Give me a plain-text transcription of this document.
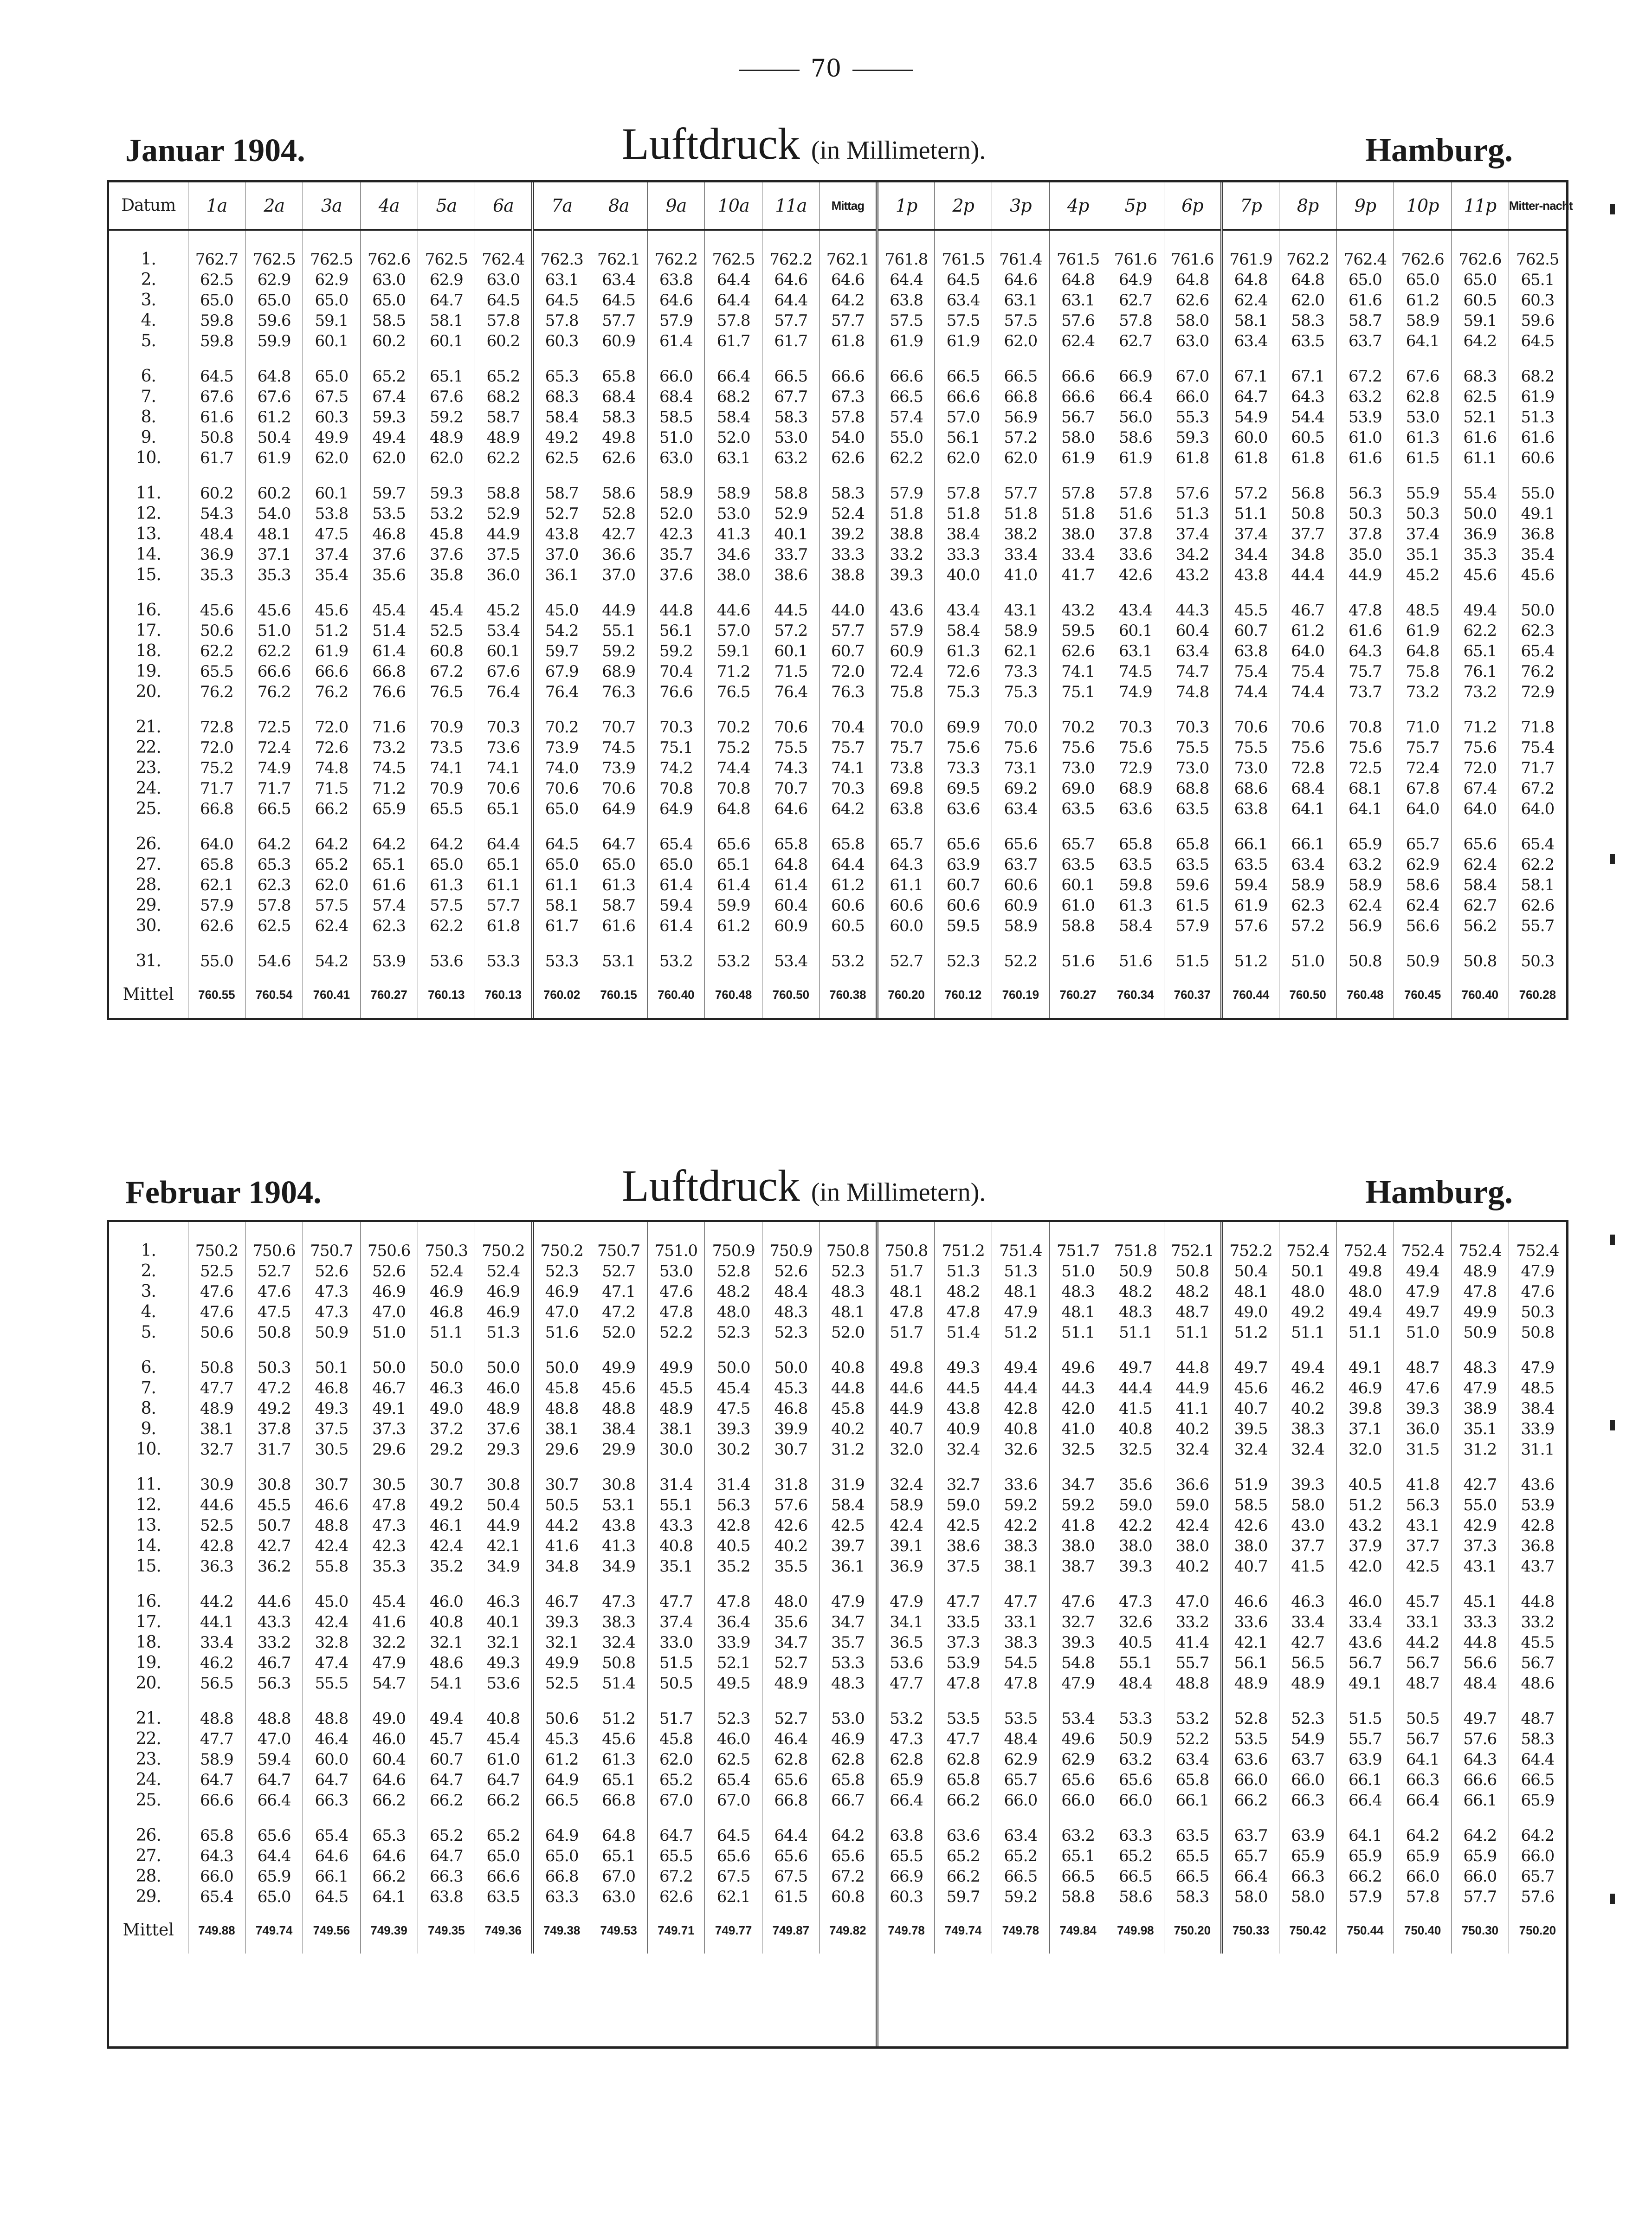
70
Januar 1904.	Luftdruck (in Millimetern).	Hamburg.
Datum	1a	2a	3a	4a	5a	6a	7a	8a	9a	10a	11a	Mittag	1p	2p	3p	4p	5p	6p	7p	8p	9p	10p	11p	Mitter-nacht

1.	762.7	762.5	762.5	762.6	762.5	762.4	762.3	762.1	762.2	762.5	762.2	762.1	761.8	761.5	761.4	761.5	761.6	761.6	761.9	762.2	762.4	762.6	762.6	762.5
2.	62.5	62.9	62.9	63.0	62.9	63.0	63.1	63.4	63.8	64.4	64.6	64.6	64.4	64.5	64.6	64.8	64.9	64.8	64.8	64.8	65.0	65.0	65.0	65.1
3.	65.0	65.0	65.0	65.0	64.7	64.5	64.5	64.5	64.6	64.4	64.4	64.2	63.8	63.4	63.1	63.1	62.7	62.6	62.4	62.0	61.6	61.2	60.5	60.3
4.	59.8	59.6	59.1	58.5	58.1	57.8	57.8	57.7	57.9	57.8	57.7	57.7	57.5	57.5	57.5	57.6	57.8	58.0	58.1	58.3	58.7	58.9	59.1	59.6
5.	59.8	59.9	60.1	60.2	60.1	60.2	60.3	60.9	61.4	61.7	61.7	61.8	61.9	61.9	62.0	62.4	62.7	63.0	63.4	63.5	63.7	64.1	64.2	64.5

6.	64.5	64.8	65.0	65.2	65.1	65.2	65.3	65.8	66.0	66.4	66.5	66.6	66.6	66.5	66.5	66.6	66.9	67.0	67.1	67.1	67.2	67.6	68.3	68.2
7.	67.6	67.6	67.5	67.4	67.6	68.2	68.3	68.4	68.4	68.2	67.7	67.3	66.5	66.6	66.8	66.6	66.4	66.0	64.7	64.3	63.2	62.8	62.5	61.9
8.	61.6	61.2	60.3	59.3	59.2	58.7	58.4	58.3	58.5	58.4	58.3	57.8	57.4	57.0	56.9	56.7	56.0	55.3	54.9	54.4	53.9	53.0	52.1	51.3
9.	50.8	50.4	49.9	49.4	48.9	48.9	49.2	49.8	51.0	52.0	53.0	54.0	55.0	56.1	57.2	58.0	58.6	59.3	60.0	60.5	61.0	61.3	61.6	61.6
10.	61.7	61.9	62.0	62.0	62.0	62.2	62.5	62.6	63.0	63.1	63.2	62.6	62.2	62.0	62.0	61.9	61.9	61.8	61.8	61.8	61.6	61.5	61.1	60.6

11.	60.2	60.2	60.1	59.7	59.3	58.8	58.7	58.6	58.9	58.9	58.8	58.3	57.9	57.8	57.7	57.8	57.8	57.6	57.2	56.8	56.3	55.9	55.4	55.0
12.	54.3	54.0	53.8	53.5	53.2	52.9	52.7	52.8	52.0	53.0	52.9	52.4	51.8	51.8	51.8	51.8	51.6	51.3	51.1	50.8	50.3	50.3	50.0	49.1
13.	48.4	48.1	47.5	46.8	45.8	44.9	43.8	42.7	42.3	41.3	40.1	39.2	38.8	38.4	38.2	38.0	37.8	37.4	37.4	37.7	37.8	37.4	36.9	36.8
14.	36.9	37.1	37.4	37.6	37.6	37.5	37.0	36.6	35.7	34.6	33.7	33.3	33.2	33.3	33.4	33.4	33.6	34.2	34.4	34.8	35.0	35.1	35.3	35.4
15.	35.3	35.3	35.4	35.6	35.8	36.0	36.1	37.0	37.6	38.0	38.6	38.8	39.3	40.0	41.0	41.7	42.6	43.2	43.8	44.4	44.9	45.2	45.6	45.6

16.	45.6	45.6	45.6	45.4	45.4	45.2	45.0	44.9	44.8	44.6	44.5	44.0	43.6	43.4	43.1	43.2	43.4	44.3	45.5	46.7	47.8	48.5	49.4	50.0
17.	50.6	51.0	51.2	51.4	52.5	53.4	54.2	55.1	56.1	57.0	57.2	57.7	57.9	58.4	58.9	59.5	60.1	60.4	60.7	61.2	61.6	61.9	62.2	62.3
18.	62.2	62.2	61.9	61.4	60.8	60.1	59.7	59.2	59.2	59.1	60.1	60.7	60.9	61.3	62.1	62.6	63.1	63.4	63.8	64.0	64.3	64.8	65.1	65.4
19.	65.5	66.6	66.6	66.8	67.2	67.6	67.9	68.9	70.4	71.2	71.5	72.0	72.4	72.6	73.3	74.1	74.5	74.7	75.4	75.4	75.7	75.8	76.1	76.2
20.	76.2	76.2	76.2	76.6	76.5	76.4	76.4	76.3	76.6	76.5	76.4	76.3	75.8	75.3	75.3	75.1	74.9	74.8	74.4	74.4	73.7	73.2	73.2	72.9

21.	72.8	72.5	72.0	71.6	70.9	70.3	70.2	70.7	70.3	70.2	70.6	70.4	70.0	69.9	70.0	70.2	70.3	70.3	70.6	70.6	70.8	71.0	71.2	71.8
22.	72.0	72.4	72.6	73.2	73.5	73.6	73.9	74.5	75.1	75.2	75.5	75.7	75.7	75.6	75.6	75.6	75.6	75.5	75.5	75.6	75.6	75.7	75.6	75.4
23.	75.2	74.9	74.8	74.5	74.1	74.1	74.0	73.9	74.2	74.4	74.3	74.1	73.8	73.3	73.1	73.0	72.9	73.0	73.0	72.8	72.5	72.4	72.0	71.7
24.	71.7	71.7	71.5	71.2	70.9	70.6	70.6	70.6	70.8	70.8	70.7	70.3	69.8	69.5	69.2	69.0	68.9	68.8	68.6	68.4	68.1	67.8	67.4	67.2
25.	66.8	66.5	66.2	65.9	65.5	65.1	65.0	64.9	64.9	64.8	64.6	64.2	63.8	63.6	63.4	63.5	63.6	63.5	63.8	64.1	64.1	64.0	64.0	64.0

26.	64.0	64.2	64.2	64.2	64.2	64.4	64.5	64.7	65.4	65.6	65.8	65.8	65.7	65.6	65.6	65.7	65.8	65.8	66.1	66.1	65.9	65.7	65.6	65.4
27.	65.8	65.3	65.2	65.1	65.0	65.1	65.0	65.0	65.0	65.1	64.8	64.4	64.3	63.9	63.7	63.5	63.5	63.5	63.5	63.4	63.2	62.9	62.4	62.2
28.	62.1	62.3	62.0	61.6	61.3	61.1	61.1	61.3	61.4	61.4	61.4	61.2	61.1	60.7	60.6	60.1	59.8	59.6	59.4	58.9	58.9	58.6	58.4	58.1
29.	57.9	57.8	57.5	57.4	57.5	57.7	58.1	58.7	59.4	59.9	60.4	60.6	60.6	60.6	60.9	61.0	61.3	61.5	61.9	62.3	62.4	62.4	62.7	62.6
30.	62.6	62.5	62.4	62.3	62.2	61.8	61.7	61.6	61.4	61.2	60.9	60.5	60.0	59.5	58.9	58.8	58.4	57.9	57.6	57.2	56.9	56.6	56.2	55.7

31.	55.0	54.6	54.2	53.9	53.6	53.3	53.3	53.1	53.2	53.2	53.4	53.2	52.7	52.3	52.2	51.6	51.6	51.5	51.2	51.0	50.8	50.9	50.8	50.3
Mittel	760.55	760.54	760.41	760.27	760.13	760.13	760.02	760.15	760.40	760.48	760.50	760.38	760.20	760.12	760.19	760.27	760.34	760.37	760.44	760.50	760.48	760.45	760.40	760.28
Februar 1904.	Luftdruck (in Millimetern).	Hamburg.

1.	750.2	750.6	750.7	750.6	750.3	750.2	750.2	750.7	751.0	750.9	750.9	750.8	750.8	751.2	751.4	751.7	751.8	752.1	752.2	752.4	752.4	752.4	752.4	752.4
2.	52.5	52.7	52.6	52.6	52.4	52.4	52.3	52.7	53.0	52.8	52.6	52.3	51.7	51.3	51.3	51.0	50.9	50.8	50.4	50.1	49.8	49.4	48.9	47.9
3.	47.6	47.6	47.3	46.9	46.9	46.9	46.9	47.1	47.6	48.2	48.4	48.3	48.1	48.2	48.1	48.3	48.2	48.2	48.1	48.0	48.0	47.9	47.8	47.6
4.	47.6	47.5	47.3	47.0	46.8	46.9	47.0	47.2	47.8	48.0	48.3	48.1	47.8	47.8	47.9	48.1	48.3	48.7	49.0	49.2	49.4	49.7	49.9	50.3
5.	50.6	50.8	50.9	51.0	51.1	51.3	51.6	52.0	52.2	52.3	52.3	52.0	51.7	51.4	51.2	51.1	51.1	51.1	51.2	51.1	51.1	51.0	50.9	50.8

6.	50.8	50.3	50.1	50.0	50.0	50.0	50.0	49.9	49.9	50.0	50.0	40.8	49.8	49.3	49.4	49.6	49.7	44.8	49.7	49.4	49.1	48.7	48.3	47.9
7.	47.7	47.2	46.8	46.7	46.3	46.0	45.8	45.6	45.5	45.4	45.3	44.8	44.6	44.5	44.4	44.3	44.4	44.9	45.6	46.2	46.9	47.6	47.9	48.5
8.	48.9	49.2	49.3	49.1	49.0	48.9	48.8	48.8	48.9	47.5	46.8	45.8	44.9	43.8	42.8	42.0	41.5	41.1	40.7	40.2	39.8	39.3	38.9	38.4
9.	38.1	37.8	37.5	37.3	37.2	37.6	38.1	38.4	38.1	39.3	39.9	40.2	40.7	40.9	40.8	41.0	40.8	40.2	39.5	38.3	37.1	36.0	35.1	33.9
10.	32.7	31.7	30.5	29.6	29.2	29.3	29.6	29.9	30.0	30.2	30.7	31.2	32.0	32.4	32.6	32.5	32.5	32.4	32.4	32.4	32.0	31.5	31.2	31.1

11.	30.9	30.8	30.7	30.5	30.7	30.8	30.7	30.8	31.4	31.4	31.8	31.9	32.4	32.7	33.6	34.7	35.6	36.6	51.9	39.3	40.5	41.8	42.7	43.6
12.	44.6	45.5	46.6	47.8	49.2	50.4	50.5	53.1	55.1	56.3	57.6	58.4	58.9	59.0	59.2	59.2	59.0	59.0	58.5	58.0	51.2	56.3	55.0	53.9
13.	52.5	50.7	48.8	47.3	46.1	44.9	44.2	43.8	43.3	42.8	42.6	42.5	42.4	42.5	42.2	41.8	42.2	42.4	42.6	43.0	43.2	43.1	42.9	42.8
14.	42.8	42.7	42.4	42.3	42.4	42.1	41.6	41.3	40.8	40.5	40.2	39.7	39.1	38.6	38.3	38.0	38.0	38.0	38.0	37.7	37.9	37.7	37.3	36.8
15.	36.3	36.2	55.8	35.3	35.2	34.9	34.8	34.9	35.1	35.2	35.5	36.1	36.9	37.5	38.1	38.7	39.3	40.2	40.7	41.5	42.0	42.5	43.1	43.7

16.	44.2	44.6	45.0	45.4	46.0	46.3	46.7	47.3	47.7	47.8	48.0	47.9	47.9	47.7	47.7	47.6	47.3	47.0	46.6	46.3	46.0	45.7	45.1	44.8
17.	44.1	43.3	42.4	41.6	40.8	40.1	39.3	38.3	37.4	36.4	35.6	34.7	34.1	33.5	33.1	32.7	32.6	33.2	33.6	33.4	33.4	33.1	33.3	33.2
18.	33.4	33.2	32.8	32.2	32.1	32.1	32.1	32.4	33.0	33.9	34.7	35.7	36.5	37.3	38.3	39.3	40.5	41.4	42.1	42.7	43.6	44.2	44.8	45.5
19.	46.2	46.7	47.4	47.9	48.6	49.3	49.9	50.8	51.5	52.1	52.7	53.3	53.6	53.9	54.5	54.8	55.1	55.7	56.1	56.5	56.7	56.7	56.6	56.7
20.	56.5	56.3	55.5	54.7	54.1	53.6	52.5	51.4	50.5	49.5	48.9	48.3	47.7	47.8	47.8	47.9	48.4	48.8	48.9	48.9	49.1	48.7	48.4	48.6

21.	48.8	48.8	48.8	49.0	49.4	40.8	50.6	51.2	51.7	52.3	52.7	53.0	53.2	53.5	53.5	53.4	53.3	53.2	52.8	52.3	51.5	50.5	49.7	48.7
22.	47.7	47.0	46.4	46.0	45.7	45.4	45.3	45.6	45.8	46.0	46.4	46.9	47.3	47.7	48.4	49.6	50.9	52.2	53.5	54.9	55.7	56.7	57.6	58.3
23.	58.9	59.4	60.0	60.4	60.7	61.0	61.2	61.3	62.0	62.5	62.8	62.8	62.8	62.8	62.9	62.9	63.2	63.4	63.6	63.7	63.9	64.1	64.3	64.4
24.	64.7	64.7	64.7	64.6	64.7	64.7	64.9	65.1	65.2	65.4	65.6	65.8	65.9	65.8	65.7	65.6	65.6	65.8	66.0	66.0	66.1	66.3	66.6	66.5
25.	66.6	66.4	66.3	66.2	66.2	66.2	66.5	66.8	67.0	67.0	66.8	66.7	66.4	66.2	66.0	66.0	66.0	66.1	66.2	66.3	66.4	66.4	66.1	65.9

26.	65.8	65.6	65.4	65.3	65.2	65.2	64.9	64.8	64.7	64.5	64.4	64.2	63.8	63.6	63.4	63.2	63.3	63.5	63.7	63.9	64.1	64.2	64.2	64.2
27.	64.3	64.4	64.6	64.6	64.7	65.0	65.0	65.1	65.5	65.6	65.6	65.6	65.5	65.2	65.2	65.1	65.2	65.5	65.7	65.9	65.9	65.9	65.9	66.0
28.	66.0	65.9	66.1	66.2	66.3	66.6	66.8	67.0	67.2	67.5	67.5	67.2	66.9	66.2	66.5	66.5	66.5	66.5	66.4	66.3	66.2	66.0	66.0	65.7
29.	65.4	65.0	64.5	64.1	63.8	63.5	63.3	63.0	62.6	62.1	61.5	60.8	60.3	59.7	59.2	58.8	58.6	58.3	58.0	58.0	57.9	57.8	57.7	57.6
Mittel	749.88	749.74	749.56	749.39	749.35	749.36	749.38	749.53	749.71	749.77	749.87	749.82	749.78	749.74	749.78	749.84	749.98	750.20	750.33	750.42	750.44	750.40	750.30	750.20
